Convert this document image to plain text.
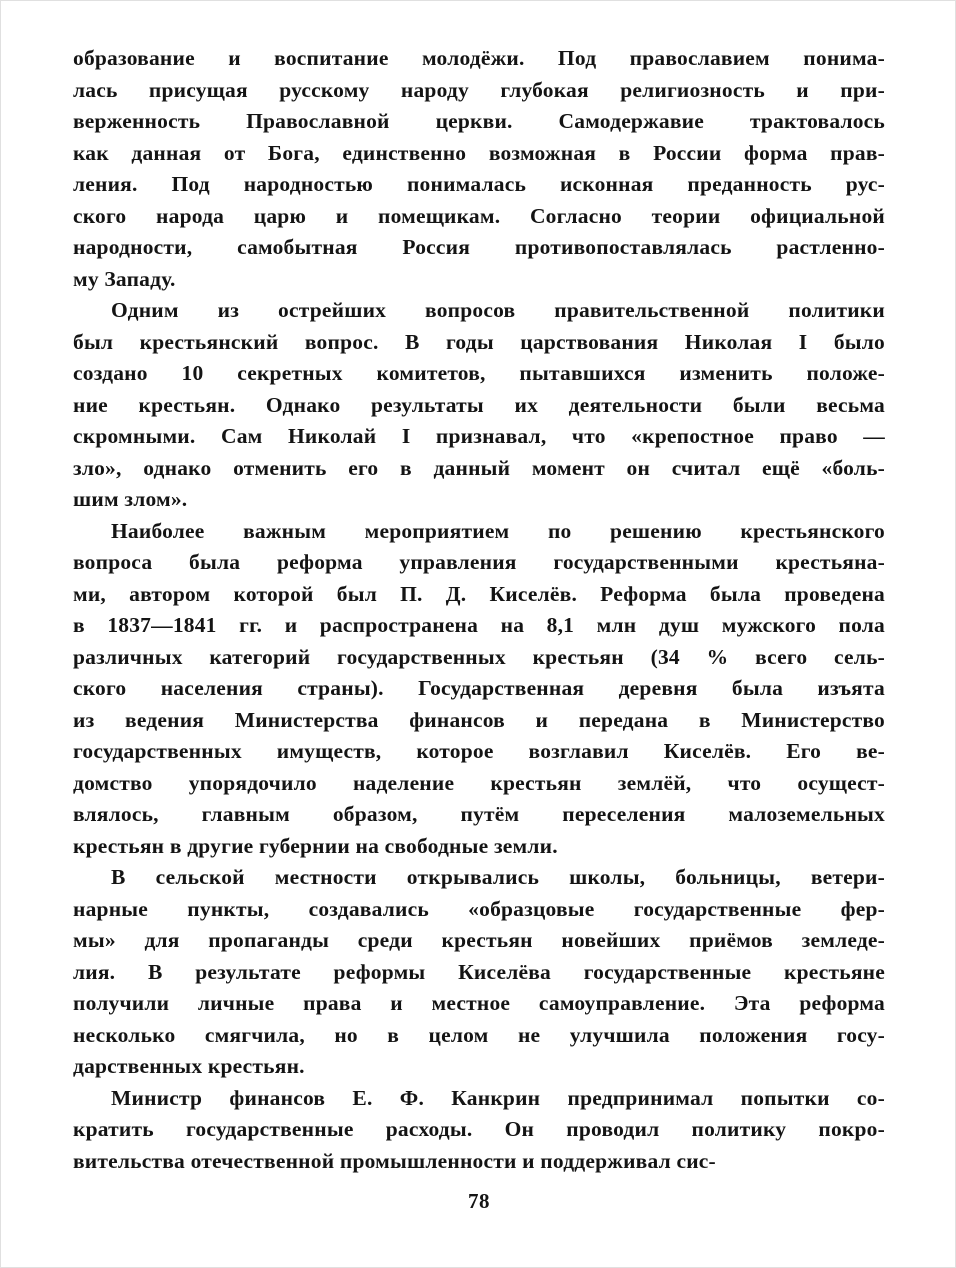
образование и воспитание молодёжи. Под православием понима-
лась присущая русскому народу глубокая религиозность и при-
верженность Православной церкви. Самодержавие трактовалось
как данная от Бога, единственно возможная в России форма прав-
ления. Под народностью понималась исконная преданность рус-
ского народа царю и помещикам. Согласно теории официальной
народности, самобытная Россия противопоставлялась растленно-
му Западу.
Одним из острейших вопросов правительственной политики
был крестьянский вопрос. В годы царствования Николая I было
создано 10 секретных комитетов, пытавшихся изменить положе-
ние крестьян. Однако результаты их деятельности были весьма
скромными. Сам Николай I признавал, что «крепостное право —
зло», однако отменить его в данный момент он считал ещё «боль-
шим злом».
Наиболее важным мероприятием по решению крестьянского
вопроса была реформа управления государственными крестьяна-
ми, автором которой был П. Д. Киселёв. Реформа была проведена
в 1837—1841 гг. и распространена на 8,1 млн душ мужского пола
различных категорий государственных крестьян (34 % всего сель-
ского населения страны). Государственная деревня была изъята
из ведения Министерства финансов и передана в Министерство
государственных имуществ, которое возглавил Киселёв. Его ве-
домство упорядочило наделение крестьян землёй, что осущест-
влялось, главным образом, путём переселения малоземельных
крестьян в другие губернии на свободные земли.
В сельской местности открывались школы, больницы, ветери-
нарные пункты, создавались «образцовые государственные фер-
мы» для пропаганды среди крестьян новейших приёмов земледе-
лия. В результате реформы Киселёва государственные крестьяне
получили личные права и местное самоуправление. Эта реформа
несколько смягчила, но в целом не улучшила положения госу-
дарственных крестьян.
Министр финансов Е. Ф. Канкрин предпринимал попытки со-
кратить государственные расходы. Он проводил политику покро-
вительства отечественной промышленности и поддерживал сис-
78
